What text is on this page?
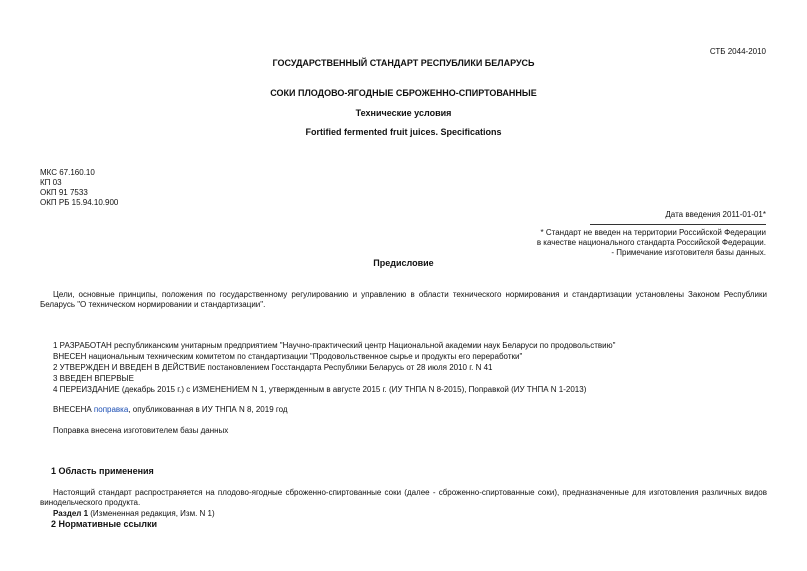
СТБ 2044-2010
ГОСУДАРСТВЕННЫЙ СТАНДАРТ РЕСПУБЛИКИ БЕЛАРУСЬ
СОКИ ПЛОДОВО-ЯГОДНЫЕ СБРОЖЕННО-СПИРТОВАННЫЕ
Технические условия
Fortified fermented fruit juices. Specifications
МКС 67.160.10
КП 03
ОКП 91 7533
ОКП РБ 15.94.10.900
Дата введения 2011-01-01*
* Стандарт не введен на территории Российской Федерации
в качестве национального стандарта Российской Федерации.
- Примечание изготовителя базы данных.
Предисловие
Цели, основные принципы, положения по государственному регулированию и управлению в области технического нормирования и стандартизации установлены Законом Республики Беларусь "О техническом нормировании и стандартизации".
1 РАЗРАБОТАН республиканским унитарным предприятием "Научно-практический центр Национальной академии наук Беларуси по продовольствию"
ВНЕСЕН национальным техническим комитетом по стандартизации "Продовольственное сырье и продукты его переработки"
2 УТВЕРЖДЕН И ВВЕДЕН В ДЕЙСТВИЕ постановлением Госстандарта Республики Беларусь от 28 июля 2010 г. N 41
3 ВВЕДЕН ВПЕРВЫЕ
4 ПЕРЕИЗДАНИЕ (декабрь 2015 г.) с ИЗМЕНЕНИЕМ N 1, утвержденным в августе 2015 г. (ИУ ТНПА N 8-2015), Поправкой (ИУ ТНПА N 1-2013)
ВНЕСЕНА поправка, опубликованная в ИУ ТНПА N 8, 2019 год
Поправка внесена изготовителем базы данных
1 Область применения
Настоящий стандарт распространяется на плодово-ягодные сброженно-спиртованные соки (далее - сброженно-спиртованные соки), предназначенные для изготовления различных видов винодельческого продукта.
Раздел 1 (Измененная редакция, Изм. N 1)
2 Нормативные ссылки
